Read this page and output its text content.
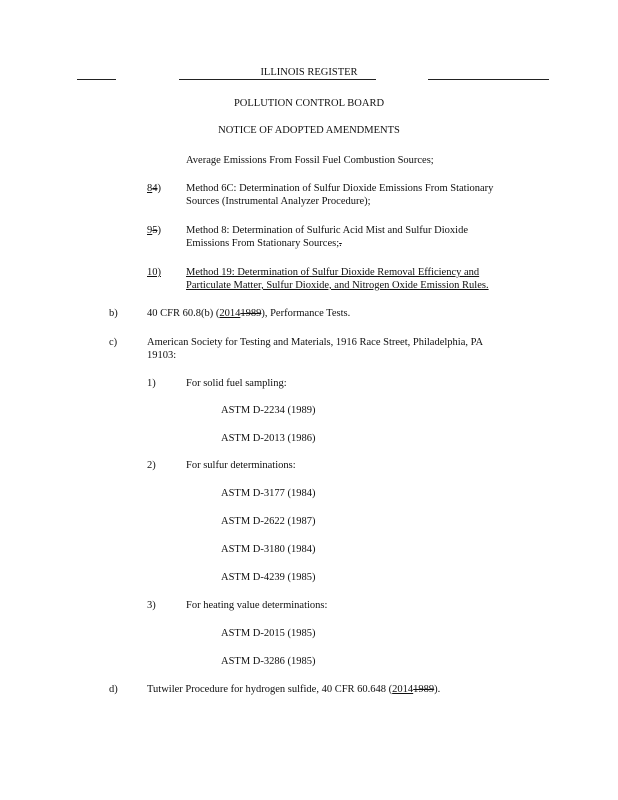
ILLINOIS REGISTER
POLLUTION CONTROL BOARD
NOTICE OF ADOPTED AMENDMENTS
Average Emissions From Fossil Fuel Combustion Sources;
84) Method 6C: Determination of Sulfur Dioxide Emissions From Stationary
Sources (Instrumental Analyzer Procedure);
95) Method 8: Determination of Sulfuric Acid Mist and Sulfur Dioxide
Emissions From Stationary Sources;.
10) Method 19: Determination of Sulfur Dioxide Removal Efficiency and
Particulate Matter, Sulfur Dioxide, and Nitrogen Oxide Emission Rules.
b)	40 CFR 60.8(b) (20141989), Performance Tests.
c)	American Society for Testing and Materials, 1916 Race Street, Philadelphia, PA
19103:
1)	For solid fuel sampling:
ASTM D-2234 (1989)
ASTM D-2013 (1986)
2)	For sulfur determinations:
ASTM D-3177 (1984)
ASTM D-2622 (1987)
ASTM D-3180 (1984)
ASTM D-4239 (1985)
3)	For heating value determinations:
ASTM D-2015 (1985)
ASTM D-3286 (1985)
d)	Tutwiler Procedure for hydrogen sulfide, 40 CFR 60.648 (20141989).
